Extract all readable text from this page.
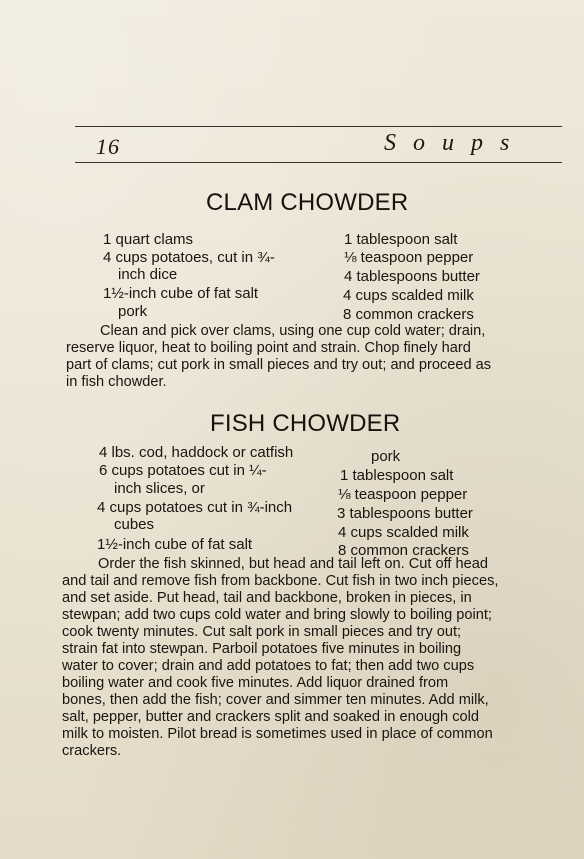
16	Soups
CLAM CHOWDER
1 quart clams
4 cups potatoes, cut in ¾-
inch dice
1½-inch cube of fat salt
pork
1 tablespoon salt
⅛ teaspoon pepper
4 tablespoons butter
4 cups scalded milk
8 common crackers
Clean and pick over clams, using one cup cold water; drain,
reserve liquor, heat to boiling point and strain. Chop finely hard
part of clams; cut pork in small pieces and try out; and proceed as
in fish chowder.
FISH CHOWDER
4 lbs. cod, haddock or catfish
6 cups potatoes cut in ¼-
inch slices, or
4 cups potatoes cut in ¾-inch
cubes
1½-inch cube of fat salt
pork
1 tablespoon salt
⅛ teaspoon pepper
3 tablespoons butter
4 cups scalded milk
8 common crackers
Order the fish skinned, but head and tail left on. Cut off head
and tail and remove fish from backbone. Cut fish in two inch pieces,
and set aside. Put head, tail and backbone, broken in pieces, in
stewpan; add two cups cold water and bring slowly to boiling point;
cook twenty minutes. Cut salt pork in small pieces and try out;
strain fat into stewpan. Parboil potatoes five minutes in boiling
water to cover; drain and add potatoes to fat; then add two cups
boiling water and cook five minutes. Add liquor drained from
bones, then add the fish; cover and simmer ten minutes. Add milk,
salt, pepper, butter and crackers split and soaked in enough cold
milk to moisten. Pilot bread is sometimes used in place of common
crackers.
